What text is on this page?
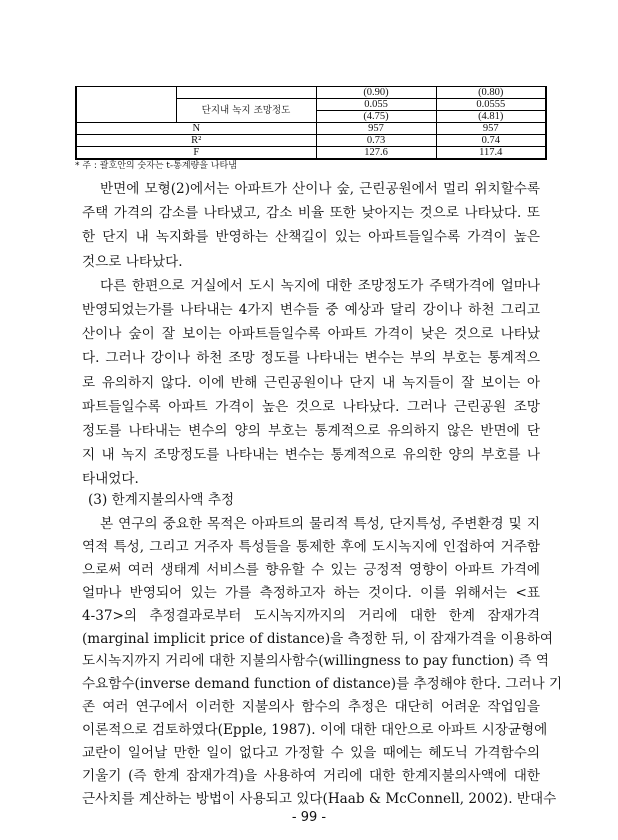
		(0.90)	(0.80)
	단지내 녹지 조망정도	0.055	0.0555
		(4.75)	(4.81)
N		957	957
R²		0.73	0.74
F		127.6	117.4
* 주 : 괄호안의 숫자는 t-통계량을 나타냄
반면에 모형(2)에서는 아파트가 산이나 숲, 근린공원에서 멀리 위치할수록
주택 가격의 감소를 나타냈고, 감소 비율 또한 낮아지는 것으로 나타났다. 또
한 단지 내 녹지화를 반영하는 산책길이 있는 아파트들일수록 가격이 높은
것으로 나타났다.
다른 한편으로 거실에서 도시 녹지에 대한 조망정도가 주택가격에 얼마나
반영되었는가를 나타내는 4가지 변수들 중 예상과 달리 강이나 하천 그리고
산이나 숲이 잘 보이는 아파트들일수록 아파트 가격이 낮은 것으로 나타났
다. 그러나 강이나 하천 조망 정도를 나타내는 변수는 부의 부호는 통계적으
로 유의하지 않다. 이에 반해 근린공원이나 단지 내 녹지들이 잘 보이는 아
파트들일수록 아파트 가격이 높은 것으로 나타났다. 그러나 근린공원 조망
정도를 나타내는 변수의 양의 부호는 통계적으로 유의하지 않은 반면에 단
지 내 녹지 조망정도를 나타내는 변수는 통계적으로 유의한 양의 부호를 나
타내었다.
(3) 한계지불의사액 추정
본 연구의 중요한 목적은 아파트의 물리적 특성, 단지특성, 주변환경 및 지
역적 특성, 그리고 거주자 특성들을 통제한 후에 도시녹지에 인접하여 거주함
으로써 여러 생태계 서비스를 향유할 수 있는 긍정적 영향이 아파트 가격에
얼마나 반영되어 있는 가를 측정하고자 하는 것이다. 이를 위해서는 <표
4-37>의 추정결과로부터 도시녹지까지의 거리에 대한 한계 잠재가격
(marginal implicit price of distance)을 측정한 뒤, 이 잠재가격을 이용하여
도시녹지까지 거리에 대한 지불의사함수(willingness to pay function) 즉 역
수요함수(inverse demand function of distance)를 추정해야 한다. 그러나 기
존 여러 연구에서 이러한 지불의사 함수의 추정은 대단히 어려운 작업임을
이론적으로 검토하였다(Epple, 1987). 이에 대한 대안으로 아파트 시장균형에
교란이 일어날 만한 일이 없다고 가정할 수 있을 때에는 헤도닉 가격함수의
기울기 (즉 한계 잠재가격)을 사용하여 거리에 대한 한계지불의사액에 대한
근사치를 계산하는 방법이 사용되고 있다(Haab & McConnell, 2002). 반대수
- 99 -
